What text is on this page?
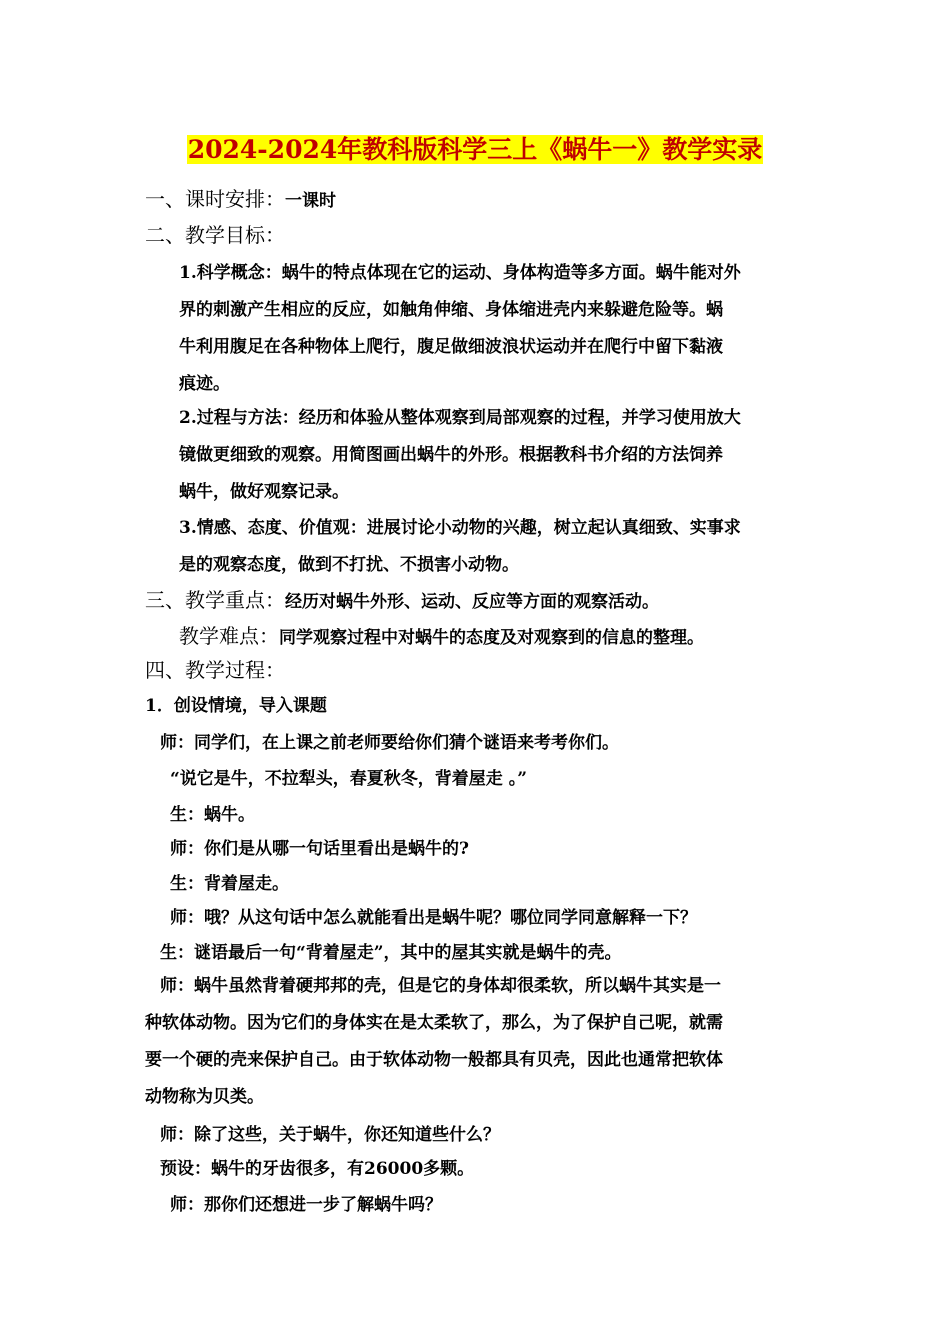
2024-2024年教科版科学三上《蜗牛一》教学实录
一、课时安排：一课时
二、教学目标：

1.科学概念：蜗牛的特点体现在它的运动、身体构造等多方面。蜗牛能对外

界的刺激产生相应的反应，如触角伸缩、身体缩进壳内来躲避危险等。蜗

牛利用腹足在各种物体上爬行，腹足做细波浪状运动并在爬行中留下黏液

痕迹。

2.过程与方法：经历和体验从整体观察到局部观察的过程，并学习使用放大

镜做更细致的观察。用简图画出蜗牛的外形。根据教科书介绍的方法饲养

蜗牛，做好观察记录。

3.情感、态度、价值观：进展讨论小动物的兴趣，树立起认真细致、实事求

是的观察态度，做到不打扰、不损害小动物。

三、教学重点：经历对蜗牛外形、运动、反应等方面的观察活动。
教学难点：同学观察过程中对蜗牛的态度及对观察到的信息的整理。
四、教学过程：
1．创设情境，导入课题
师：同学们，在上课之前老师要给你们猜个谜语来考考你们。
“说它是牛，不拉犁头，春夏秋冬，背着屋走 。”
生：蜗牛。
师：你们是从哪一句话里看出是蜗牛的?
生：背着屋走。
师：哦？从这句话中怎么就能看出是蜗牛呢？哪位同学同意解释一下？
生：谜语最后一句“背着屋走”，其中的屋其实就是蜗牛的壳。

师：蜗牛虽然背着硬邦邦的壳，但是它的身体却很柔软，所以蜗牛其实是一

种软体动物。因为它们的身体实在是太柔软了，那么，为了保护自己呢，就需

要一个硬的壳来保护自己。由于软体动物一般都具有贝壳，因此也通常把软体

动物称为贝类。

师：除了这些，关于蜗牛，你还知道些什么？
预设：蜗牛的牙齿很多，有26000多颗。
师：那你们还想进一步了解蜗牛吗？
